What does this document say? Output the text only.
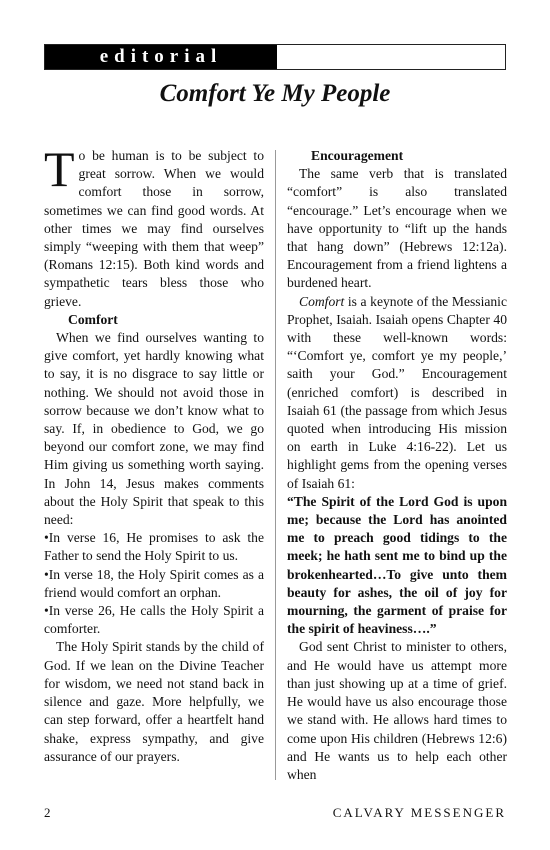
editorial
Comfort Ye My People

To be human is to be subject to great sorrow. When we would comfort those in sorrow, sometimes we can find good words. At other times we may find ourselves simply “weeping with them that weep” (Romans 12:15). Both kind words and sympathetic tears bless those who grieve.

Comfort

When we find ourselves wanting to give comfort, yet hardly knowing what to say, it is no disgrace to say little or nothing. We should not avoid those in sorrow because we don’t know what to say. If, in obedience to God, we go beyond our comfort zone, we may find Him giving us something worth saying. In John 14, Jesus makes comments about the Holy Spirit that speak to this need:

•In verse 16, He promises to ask the Father to send the Holy Spirit to us.

•In verse 18, the Holy Spirit comes as a friend would comfort an orphan.

•In verse 26, He calls the Holy Spirit a comforter.

The Holy Spirit stands by the child of God. If we lean on the Divine Teacher for wisdom, we need not stand back in silence and gaze. More helpfully, we can step forward, offer a heartfelt hand shake, express sympathy, and give assurance of our prayers.

Encouragement

The same verb that is translated “comfort” is also translated “encourage.” Let’s encourage when we have opportunity to “lift up the hands that hang down” (Hebrews 12:12a). Encouragement from a friend lightens a burdened heart.

Comfort is a keynote of the Messianic Prophet, Isaiah. Isaiah opens Chapter 40 with these well-known words: “‘Comfort ye, comfort ye my people,’ saith your God.” Encouragement (enriched comfort) is described in Isaiah 61 (the passage from which Jesus quoted when introducing His mission on earth in Luke 4:16-22). Let us highlight gems from the opening verses of Isaiah 61:

“The Spirit of the Lord God is upon me; because the Lord has anointed me to preach good tidings to the meek; he hath sent me to bind up the brokenhearted…To give unto them beauty for ashes, the oil of joy for mourning, the garment of praise for the spirit of heaviness….”

God sent Christ to minister to others, and He would have us attempt more than just showing up at a time of grief. He would have us also encourage those we stand with. He allows hard times to come upon His children (Hebrews 12:6) and He wants us to help each other when

2	CALVARY MESSENGER
